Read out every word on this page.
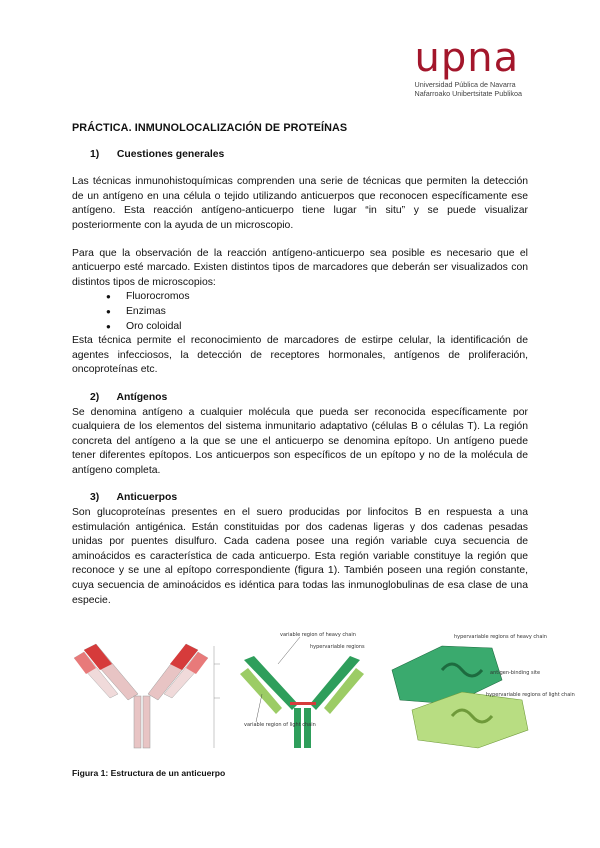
upna
Universidad Pública de Navarra
Nafarroako Unibertsitate Publikoa
PRÁCTICA. INMUNOLOCALIZACIÓN DE PROTEÍNAS
1) Cuestiones generales

Las técnicas inmunohistoquímicas comprenden una serie de técnicas que permiten la detección de un antígeno en una célula o tejido utilizando anticuerpos que reconocen específicamente ese antígeno. Esta reacción antígeno-anticuerpo tiene lugar “in situ” y se puede visualizar posteriormente con la ayuda de un microscopio.

Para que la observación de la reacción antígeno-anticuerpo sea posible es necesario que el anticuerpo esté marcado. Existen distintos tipos de marcadores que deberán ser visualizados con distintos tipos de microscopios:

● Fluorocromos
● Enzimas
● Oro coloidal

Esta técnica permite el reconocimiento de marcadores de estirpe celular, la identificación de agentes infecciosos, la detección de receptores hormonales, antígenos de proliferación, oncoproteínas etc.

2) Antígenos

Se denomina antígeno a cualquier molécula que pueda ser reconocida específicamente por cualquiera de los elementos del sistema inmunitario adaptativo (células B o células T). La región concreta del antígeno a la que se une el anticuerpo se denomina epítopo. Un antígeno puede tener diferentes epítopos. Los anticuerpos son específicos de un epítopo y no de la molécula de antígeno completa.

3) Anticuerpos

Son glucoproteínas presentes en el suero producidas por linfocitos B en respuesta a una estimulación antigénica. Están constituidas por dos cadenas ligeras y dos cadenas pesadas unidas por puentes disulfuro. Cada cadena posee una región variable cuya secuencia de aminoácidos es característica de cada anticuerpo. Esta región variable constituye la región que reconoce y se une al epítopo correspondiente (figura 1). También poseen una región constante, cuya secuencia de aminoácidos es idéntica para todas las inmunoglobulinas de esa clase de una especie.

variable region of heavy chain
hypervariable regions
variable region of light chain
hypervariable regions of heavy chain
antigen-binding site
hypervariable regions of light chain
Figura 1: Estructura de un anticuerpo
